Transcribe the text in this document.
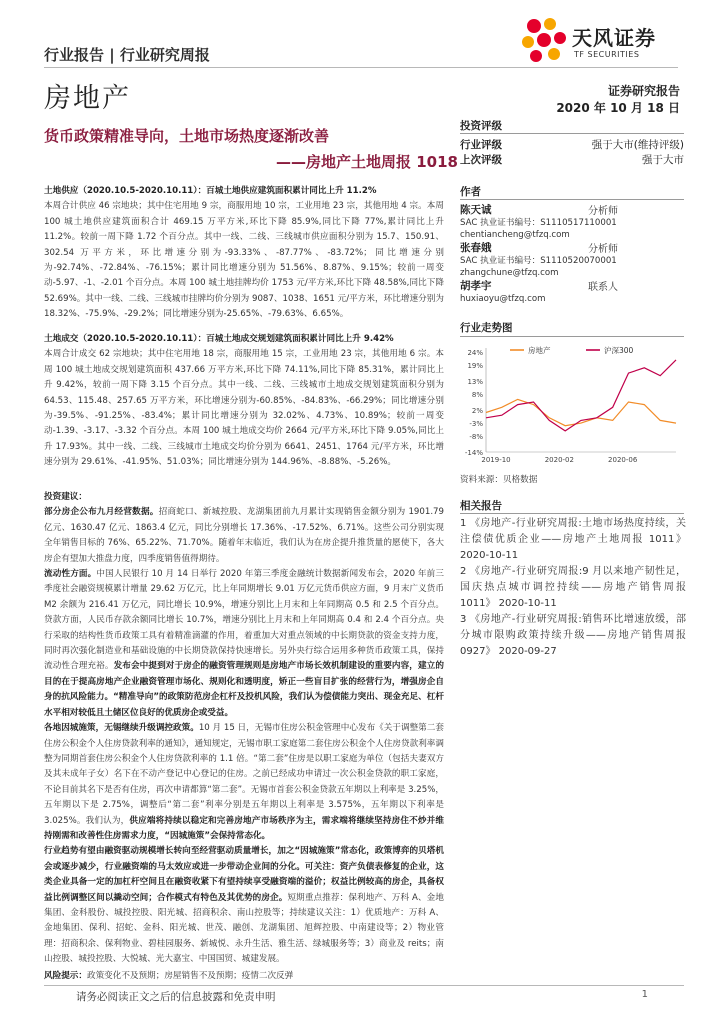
行业报告 | 行业研究周报
天风证券
TF SECURITIES
房地产	证券研究报告
2020 年 10 月 18 日
货币政策精准导向，土地市场热度逐渐改善
——房地产土地周报 1018

土地供应（2020.10.5-2020.10.11）：百城土地供应建筑面积累计同比上升 11.2%

本周合计供应 46 宗地块；其中住宅用地 9 宗，商服用地 10 宗，工业用地 23 宗，其他用地 4 宗。本周 100 城土地供应建筑面积合计 469.15 万平方米,环比下降 85.9%,同比下降 77%,累计同比上升 11.2%。较前一周下降 1.72 个百分点。其中一线、二线、三线城市供应面积分别为 15.7、150.91、302.54 万平方米，环比增速分别为-93.33%、-87.77%、-83.72%；同比增速分别为-92.74%、-72.84%、-76.15%；累计同比增速分别为 51.56%、8.87%、9.15%；较前一周变动-5.97、-1、-2.01 个百分点。本周 100 城土地挂牌均价 1753 元/平方米,环比下降 48.58%,同比下降 52.69%。其中一线、二线、三线城市挂牌均价分别为 9087、1038、1651 元/平方米，环比增速分别为 18.32%、-75.9%、-29.2%；同比增速分别为-25.65%、-79.63%、6.65%。

土地成交（2020.10.5-2020.10.11）：百城土地成交规划建筑面积累计同比上升 9.42%

本周合计成交 62 宗地块；其中住宅用地 18 宗，商服用地 15 宗，工业用地 23 宗，其他用地 6 宗。本周 100 城土地成交规划建筑面积 437.66 万平方米,环比下降 74.11%,同比下降 85.31%，累计同比上升 9.42%，较前一周下降 3.15 个百分点。其中一线、二线、三线城市土地成交规划建筑面积分别为 64.53、115.48、257.65 万平方米，环比增速分别为-60.85%、-84.83%、-66.29%；同比增速分别为-39.5%、-91.25%、-83.4%；累计同比增速分别为 32.02%、4.73%、10.89%；较前一周变动-1.39、-3.17、-3.32 个百分点。本周 100 城土地成交均价 2664 元/平方米,环比下降 9.05%,同比上升 17.93%。其中一线、二线、三线城市土地成交均价分别为 6641、2451、1764 元/平方米，环比增速分别为 29.61%、-41.95%、51.03%；同比增速分别为 144.96%、-8.88%、-5.26%。

投资建议：

部分房企公布九月经营数据。招商蛇口、新城控股、龙湖集团前九月累计实现销售金额分别为 1901.79 亿元、1630.47 亿元、1863.4 亿元，同比分别增长 17.36%、-17.52%、6.71%。这些公司分别实现全年销售目标的 76%、65.22%、71.70%。随着年末临近，我们认为在房企提升推货量的愿使下，各大房企有望加大推盘力度，四季度销售值得期待。

流动性方面。中国人民银行 10 月 14 日举行 2020 年第三季度金融统计数据新闻发布会，2020 年前三季度社会融资规模累计增量 29.62 万亿元，比上年同期增长 9.01 万亿元货币供应方面，9 月末广义货币 M2 余额为 216.41 万亿元，同比增长 10.9%，增速分别比上月末和上年同期高 0.5 和 2.5 个百分点。贷款方面，人民币存款余额同比增长 10.7%，增速分别比上月末和上年同期高 0.4 和 2.4 个百分点。央行采取的结构性货币政策工具有着精准滴灌的作用，着重加大对重点领域的中长期贷款的资金支持力度，同时再次强化制造业和基础设施的中长期贷款保持快速增长。另外央行综合运用多种货币政策工具，保持流动性合理充裕。发布会中提到对于房企的融资管理规则是房地产市场长效机制建设的重要内容，建立的目的在于提高房地产企业融资管理市场化、规则化和透明度，矫正一些盲目扩张的经营行为，增强房企自身的抗风险能力。“精准导向”的政策防范房企杠杆及投机风险，我们认为偿债能力突出、现金充足、杠杆水平相对较低且土储区位良好的优质房企或受益。

各地因城施策，无锡继续升级调控政策。10 月 15 日，无锡市住房公积金管理中心发布《关于调整第二套住房公积金个人住房贷款利率的通知》，通知规定，无锡市职工家庭第二套住房公积金个人住房贷款利率调整为同期首套住房公积金个人住房贷款利率的 1.1 倍。“第二套”住房是以职工家庭为单位（包括夫妻双方及其未成年子女）名下在不动产登记中心登记的住房。之前已经成功申请过一次公积金贷款的职工家庭，不论目前其名下是否有住房，再次申请都算“第二套”。无锡市首套公积金贷款五年期以上利率是 3.25%，五年期以下是 2.75%，调整后“第二套”利率分别是五年期以上利率是 3.575%，五年期以下利率是 3.025%。我们认为，供应端将持续以稳定和完善房地产市场秩序为主，需求端将继续坚持房住不炒并维持刚需和改善性住房需求力度，“因城施策”会保持常态化。

行业趋势有望由融资驱动规模增长转向至经营驱动质量增长，加之“因城施策”常态化，政策博弈的贝塔机会或逐步减少，行业融资端的马太效应或进一步带动企业间的分化。可关注：资产负债表修复的企业，这类企业具备一定的加杠杆空间且在融资收紧下有望持续享受融资端的溢价；权益比例较高的房企，具备权益比例调整区间以撬动空间；合作模式有特色及其优势的房企。短期重点推荐：保利地产、万科 A、金地集团、金科股份、城投控股、阳光城、招商积余、南山控股等；持续建议关注：1）优质地产：万科 A、金地集团、保利、招蛇、金科、阳光城、世茂、融创、龙湖集团、旭辉控股、中南建设等；2）物业管理：招商积余、保利物业、碧桂园服务、新城悦、永升生活、雅生活、绿城服务等；3）商业及 reits；南山控股、城投控股、大悦城、光大嘉宝、中国国贸、城建发展。

风险提示：政策变化不及预期；房屋销售不及预期；疫情二次反弹
投资评级
行业评级	强于大市(维持评级)
上次评级	强于大市
作者
陈天诚	分析师
SAC 执业证书编号：S1110517110001
chentiancheng@tfzq.com
张春娥	分析师
SAC 执业证书编号：S1110520070001
zhangchune@tfzq.com
胡孝宇	联系人
huxiaoyu@tfzq.com
行业走势图
24%
19%
13%
8%
2%
-3%
-8%
-14%
2019-10	2020-02	2020-06
房地产	沪深300
资料来源：贝格数据
相关报告

1 《房地产-行业研究周报:土地市场热度持续，关注偿债优质企业——房地产土地周报 1011》 2020-10-11

2 《房地产-行业研究周报:9 月以来地产韧性足，国庆热点城市调控持续——房地产销售周报 1011》 2020-10-11

3 《房地产-行业研究周报:销售环比增速放缓，部分城市限购政策持续升级——房地产销售周报 0927》 2020-09-27

请务必阅读正文之后的信息披露和免责申明	1
